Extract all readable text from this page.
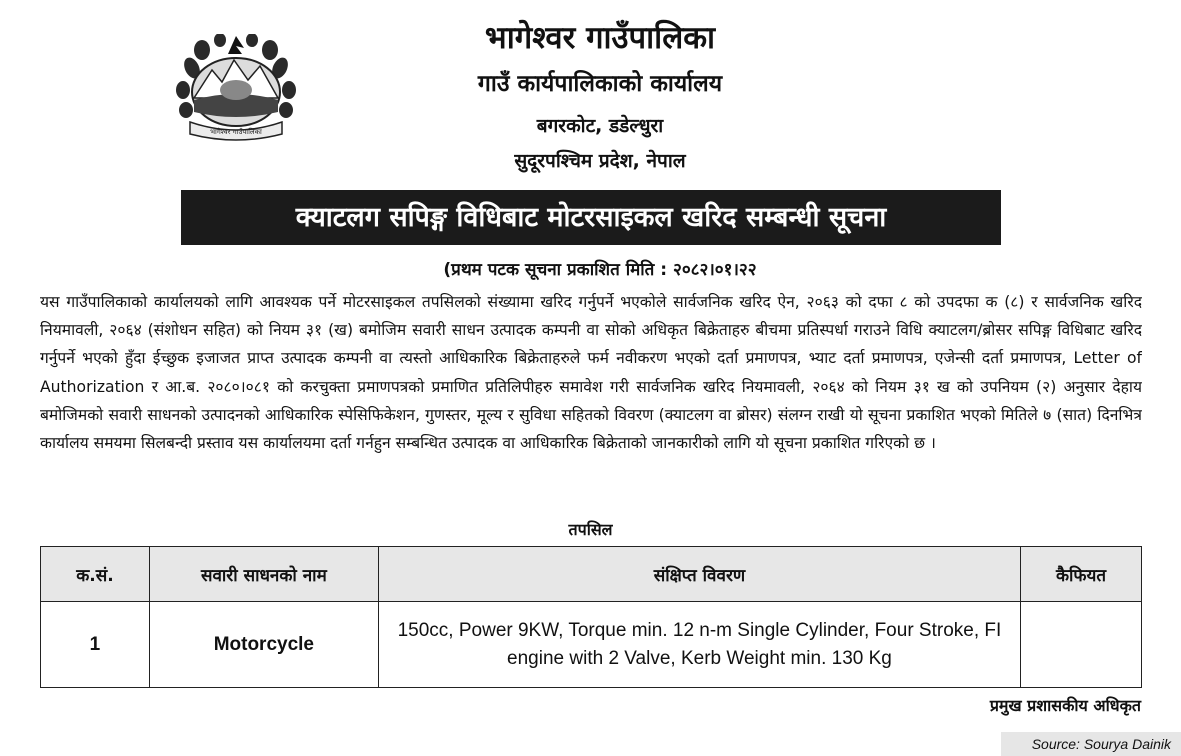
भागेश्वर गाउँपालिका
भागेश्वर गाउँपालिका
गाउँ कार्यपालिकाको कार्यालय
बगरकोट, डडेल्धुरा
सुदूरपश्चिम प्रदेश, नेपाल
क्याटलग सपिङ्ग विधिबाट मोटरसाइकल खरिद सम्बन्धी सूचना
(प्रथम पटक सूचना प्रकाशित मिति : २०८२।०१।२२
यस गाउँपालिकाको कार्यालयको लागि आवश्यक पर्ने मोटरसाइकल तपसिलको संख्यामा खरिद गर्नुपर्ने भएकोले सार्वजनिक खरिद ऐन, २०६३ को दफा ८ को उपदफा क (८) र सार्वजनिक खरिद नियमावली, २०६४ (संशोधन सहित) को नियम ३१ (ख) बमोजिम सवारी साधन उत्पादक कम्पनी वा सोको अधिकृत बिक्रेताहरु बीचमा प्रतिस्पर्धा गराउने विधि क्याटलग/ब्रोसर सपिङ्ग विधिबाट खरिद गर्नुपर्ने भएको हुँदा ईच्छुक इजाजत प्राप्त उत्पादक कम्पनी वा त्यस्तो आधिकारिक बिक्रेताहरुले फर्म नवीकरण भएको दर्ता प्रमाणपत्र, भ्याट दर्ता प्रमाणपत्र, एजेन्सी दर्ता प्रमाणपत्र, Letter of Authorization र आ.ब. २०८०।०८१ को करचुक्ता प्रमाणपत्रको प्रमाणित प्रतिलिपीहरु समावेश गरी सार्वजनिक खरिद नियमावली, २०६४ को नियम ३१ ख को उपनियम (२) अनुसार देहाय बमोजिमको सवारी साधनको उत्पादनको आधिकारिक स्पेसिफिकेशन, गुणस्तर, मूल्य र सुविधा सहितको विवरण (क्याटलग वा ब्रोसर) संलग्न राखी यो सूचना प्रकाशित भएको मितिले ७ (सात) दिनभित्र कार्यालय समयमा सिलबन्दी प्रस्ताव यस कार्यालयमा दर्ता गर्नहुन सम्बन्धित उत्पादक वा आधिकारिक बिक्रेताको जानकारीको लागि यो सूचना प्रकाशित गरिएको छ ।
तपसिल
क.सं.	सवारी साधनको नाम	संक्षिप्त विवरण	कैफियत
1	Motorcycle	150cc, Power 9KW, Torque min. 12 n-m Single Cylinder, Four Stroke, FI engine with 2 Valve, Kerb Weight min. 130 Kg	
प्रमुख प्रशासकीय अधिकृत
Source: Sourya Dainik
